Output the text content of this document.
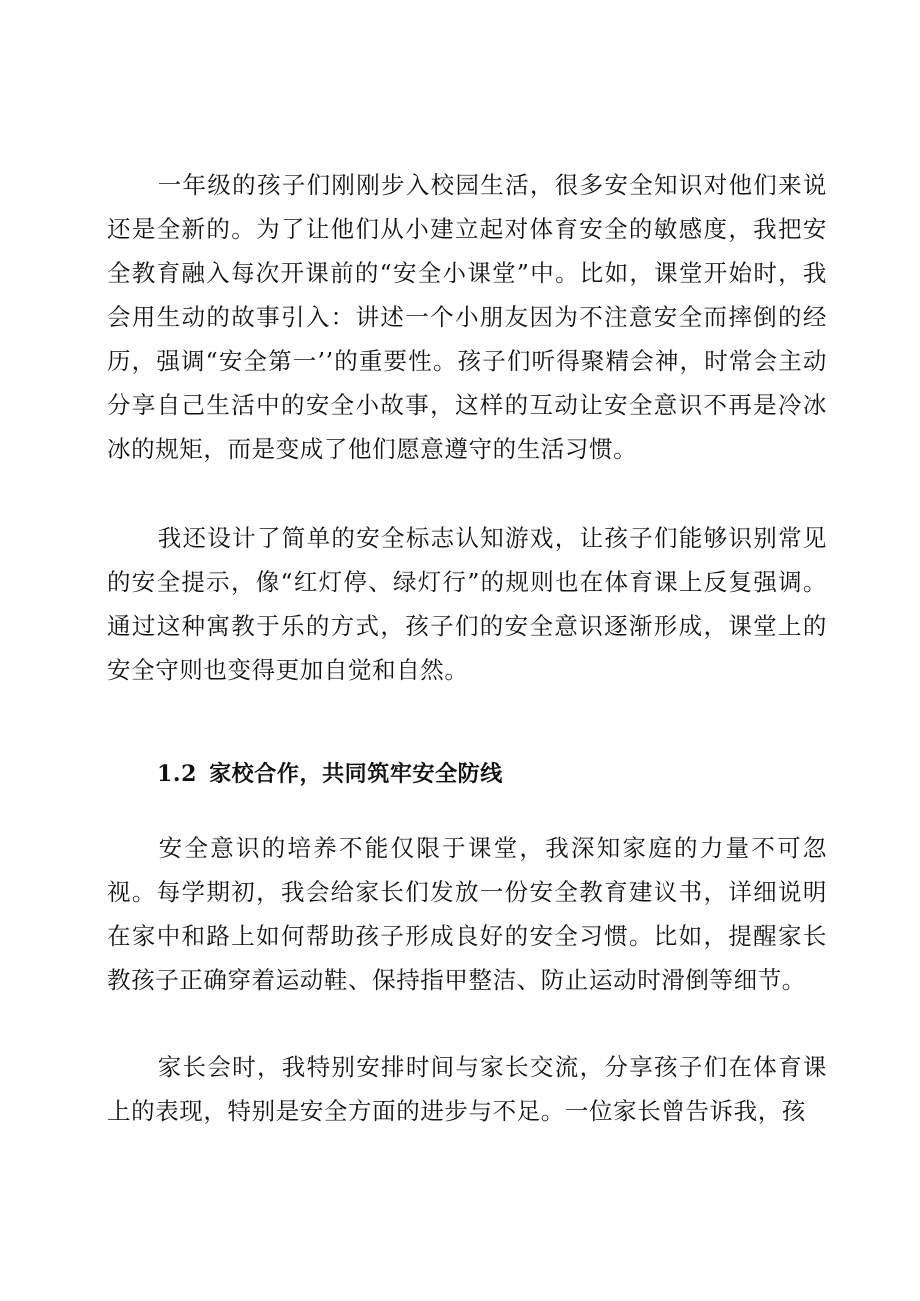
一年级的孩子们刚刚步入校园生活，很多安全知识对他们来说还是全新的。为了让他们从小建立起对体育安全的敏感度，我把安全教育融入每次开课前的“安全小课堂”中。比如，课堂开始时，我会用生动的故事引入：讲述一个小朋友因为不注意安全而摔倒的经历，强调“安全第一’’的重要性。孩子们听得聚精会神，时常会主动分享自己生活中的安全小故事，这样的互动让安全意识不再是冷冰冰的规矩，而是变成了他们愿意遵守的生活习惯。

我还设计了简单的安全标志认知游戏，让孩子们能够识别常见的安全提示，像“红灯停、绿灯行”的规则也在体育课上反复强调。通过这种寓教于乐的方式，孩子们的安全意识逐渐形成，课堂上的安全守则也变得更加自觉和自然。

1.2 家校合作，共同筑牢安全防线

安全意识的培养不能仅限于课堂，我深知家庭的力量不可忽视。每学期初，我会给家长们发放一份安全教育建议书，详细说明在家中和路上如何帮助孩子形成良好的安全习惯。比如，提醒家长教孩子正确穿着运动鞋、保持指甲整洁、防止运动时滑倒等细节。

家长会时，我特别安排时间与家长交流，分享孩子们在体育课上的表现，特别是安全方面的进步与不足。一位家长曾告诉我，孩
